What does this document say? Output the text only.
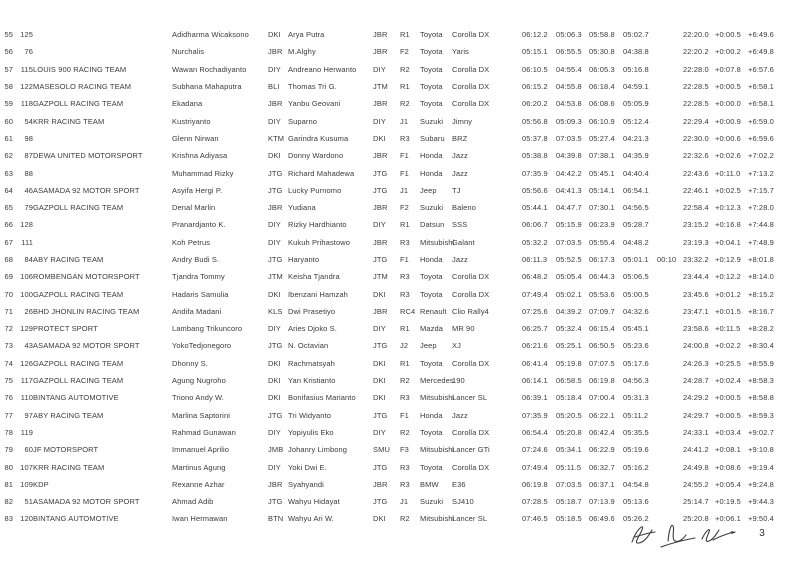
55	125		Adidharma Wicaksono	DKI	Arya Putra	JBR	R1	Toyota	Corolla DX	06:12.2	05:06.3	05:58.8	05:02.7		22:20.0	+0:00.5	+6:49.6
56	76		Nurchalis	JBR	M.Alghy	JBR	F2	Toyota	Yaris	05:15.1	06:55.5	05:30.8	04:38.8		22:20.2	+0:00.2	+6:49.8
57	115	LOUIS 900 RACING TEAM	Wawan Rochadiyanto	DIY	Andreano Herwanto	DIY	R2	Toyota	Corolla DX	06:10.5	04:55.4	06:05.3	05:16.8		22:28.0	+0:07.8	+6:57.6
58	122	MASESOLO RACING TEAM	Subhana Mahaputra	BLI	Thomas Tri G.	JTM	R1	Toyota	Corolla DX	06:15.2	04:55.8	06:18.4	04:59.1		22:28.5	+0:00.5	+6:58.1
59	118	GAZPOLL RACING TEAM	Ekadana	JBR	Yanbu Geovani	JBR	R2	Toyota	Corolla DX	06:20.2	04:53.8	06:08.6	05:05.9		22:28.5	+0:00.0	+6:58.1
60	54	KRR RACING TEAM	Kustriyanto	DIY	Suparno	DIY	J1	Suzuki	Jimny	05:56.8	05:09.3	06:10.9	05:12.4		22:29.4	+0:00.9	+6:59.0
61	98		Glenn Nirwan	KTM	Garindra Kusuma	DKI	R3	Subaru	BRZ	05:37.8	07:03.5	05:27.4	04:21.3		22:30.0	+0:00.6	+6:59.6
62	87	DEWA UNITED MOTORSPORT	Krishna Adiyasa	DKI	Donny Wardono	JBR	F1	Honda	Jazz	05:38.8	04:39.8	07:38.1	04:35.9		22:32.6	+0:02.6	+7:02.2
63	88		Muhammad Rizky	JTG	Richard Mahadewa	JTG	F1	Honda	Jazz	07:35.9	04:42.2	05:45.1	04:40.4		22:43.6	+0:11.0	+7:13.2
64	46	ASAMADA 92 MOTOR SPORT	Asyifa Hergi P.	JTG	Lucky Purnomo	JTG	J1	Jeep	TJ	05:56.6	04:41.3	05:14.1	06:54.1		22:46.1	+0:02.5	+7:15.7
65	79	GAZPOLL RACING TEAM	Denal Marlin	JBR	Yudiana	JBR	F2	Suzuki	Baleno	05:44.1	04:47.7	07:30.1	04:56.5		22:58.4	+0:12.3	+7:28.0
66	128		Pranardjanto K.	DIY	Rizky Hardhianto	DIY	R1	Datsun	SSS	06:06.7	05:15.9	06:23.9	05:28.7		23:15.2	+0:16.8	+7:44.8
67	111		Koh Petrus	DIY	Kukuh Prihastowo	JBR	R3	Mitsubishi	Galant	05:32.2	07:03.5	05:55.4	04:48.2		23:19.3	+0:04.1	+7:48.9
68	84	ABY RACING TEAM	Andry Budi S.	JTG	Haryanto	JTG	F1	Honda	Jazz	06:11.3	05:52.5	06:17.3	05:01.1	00:10	23:32.2	+0:12.9	+8:01.8
69	106	ROMBENGAN MOTORSPORT	Tjandra Tommy	JTM	Keisha Tjandra	JTM	R3	Toyota	Corolla DX	06:48.2	05:05.4	06:44.3	05:06.5		23:44.4	+0:12.2	+8:14.0
70	100	GAZPOLL RACING TEAM	Hadaris Samulia	DKI	Ibenzani Hamzah	DKI	R3	Toyota	Corolla DX	07:49.4	05:02.1	05:53.6	05:00.5		23:45.6	+0:01.2	+8:15.2
71	26	BHD JHONLIN RACING TEAM	Andifa Madani	KLS	Dwi Prasetiyo	JBR	RC4	Renault	Clio Rally4	07:25.6	04:39.2	07:09.7	04:32.6		23:47.1	+0:01.5	+8:16.7
72	129	PROTECT SPORT	Lambang Trikuncoro	DIY	Aries Djoko S.	DIY	R1	Mazda	MR 90	06:25.7	05:32.4	06:15.4	05:45.1		23:58.6	+0:11.5	+8:28.2
73	43	ASAMADA 92 MOTOR SPORT	YokoTedjonegoro	JTG	N. Octavian	JTG	J2	Jeep	XJ	06:21.6	05:25.1	06:50.5	05:23.6		24:00.8	+0:02.2	+8:30.4
74	126	GAZPOLL RACING TEAM	Dhonny S.	DKI	Rachmatsyah	DKI	R1	Toyota	Corolla DX	06:41.4	05:19.8	07:07.5	05:17.6		24:26.3	+0:25.5	+8:55.9
75	117	GAZPOLL RACING TEAM	Agung Nugroho	DKI	Yan Kristianto	DKI	R2	Mercedes	190	06:14.1	06:58.5	06:19.8	04:56.3		24:28.7	+0:02.4	+8:58.3
76	110	BINTANG AUTOMOTIVE	Triono Andy W.	DKI	Bonifasius Marianto	DKI	R3	Mitsubishi	Lancer SL	06:39.1	05:18.4	07:00.4	05:31.3		24:29.2	+0:00.5	+8:58.8
77	97	ABY RACING TEAM	Marlina Saptorini	JTG	Tri Widyanto	JTG	F1	Honda	Jazz	07:35.9	05:20.5	06:22.1	05:11.2		24:29.7	+0:00.5	+8:59.3
78	119		Rahmad Gunawan	DIY	Yopiyulis Eko	DIY	R2	Toyota	Corolla DX	06:54.4	05:20.8	06:42.4	05:35.5		24:33.1	+0:03.4	+9:02.7
79	60	JF MOTORSPORT	Immanuel Aprilio	JMB	Johanry Limbong	SMU	F3	Mitsubishi	Lancer GTi	07:24.6	05:34.1	06:22.9	05:19.6		24:41.2	+0:08.1	+9:10.8
80	107	KRR RACING TEAM	Martinus Agung	DIY	Yoki Dwi E.	JTG	R3	Toyota	Corolla DX	07:49.4	05:11.5	06:32.7	05:16.2		24:49.8	+0:08.6	+9:19.4
81	109	KDP	Rexanne Azhar	JBR	Syahyandi	JBR	R3	BMW	E36	06:19.8	07:03.5	06:37.1	04:54.8		24:55.2	+0:05.4	+9:24.8
82	51	ASAMADA 92 MOTOR SPORT	Ahmad Adib	JTG	Wahyu Hidayat	JTG	J1	Suzuki	SJ410	07:28.5	05:18.7	07:13.9	05:13.6		25:14.7	+0:19.5	+9:44.3
83	120	BINTANG AUTOMOTIVE	Iwan Hermawan	BTN	Wahyu Ari W.	DKI	R2	Mitsubishi	Lancer SL	07:46.5	05:18.5	06:49.6	05:26.2		25:20.8	+0:06.1	+9:50.4
3
